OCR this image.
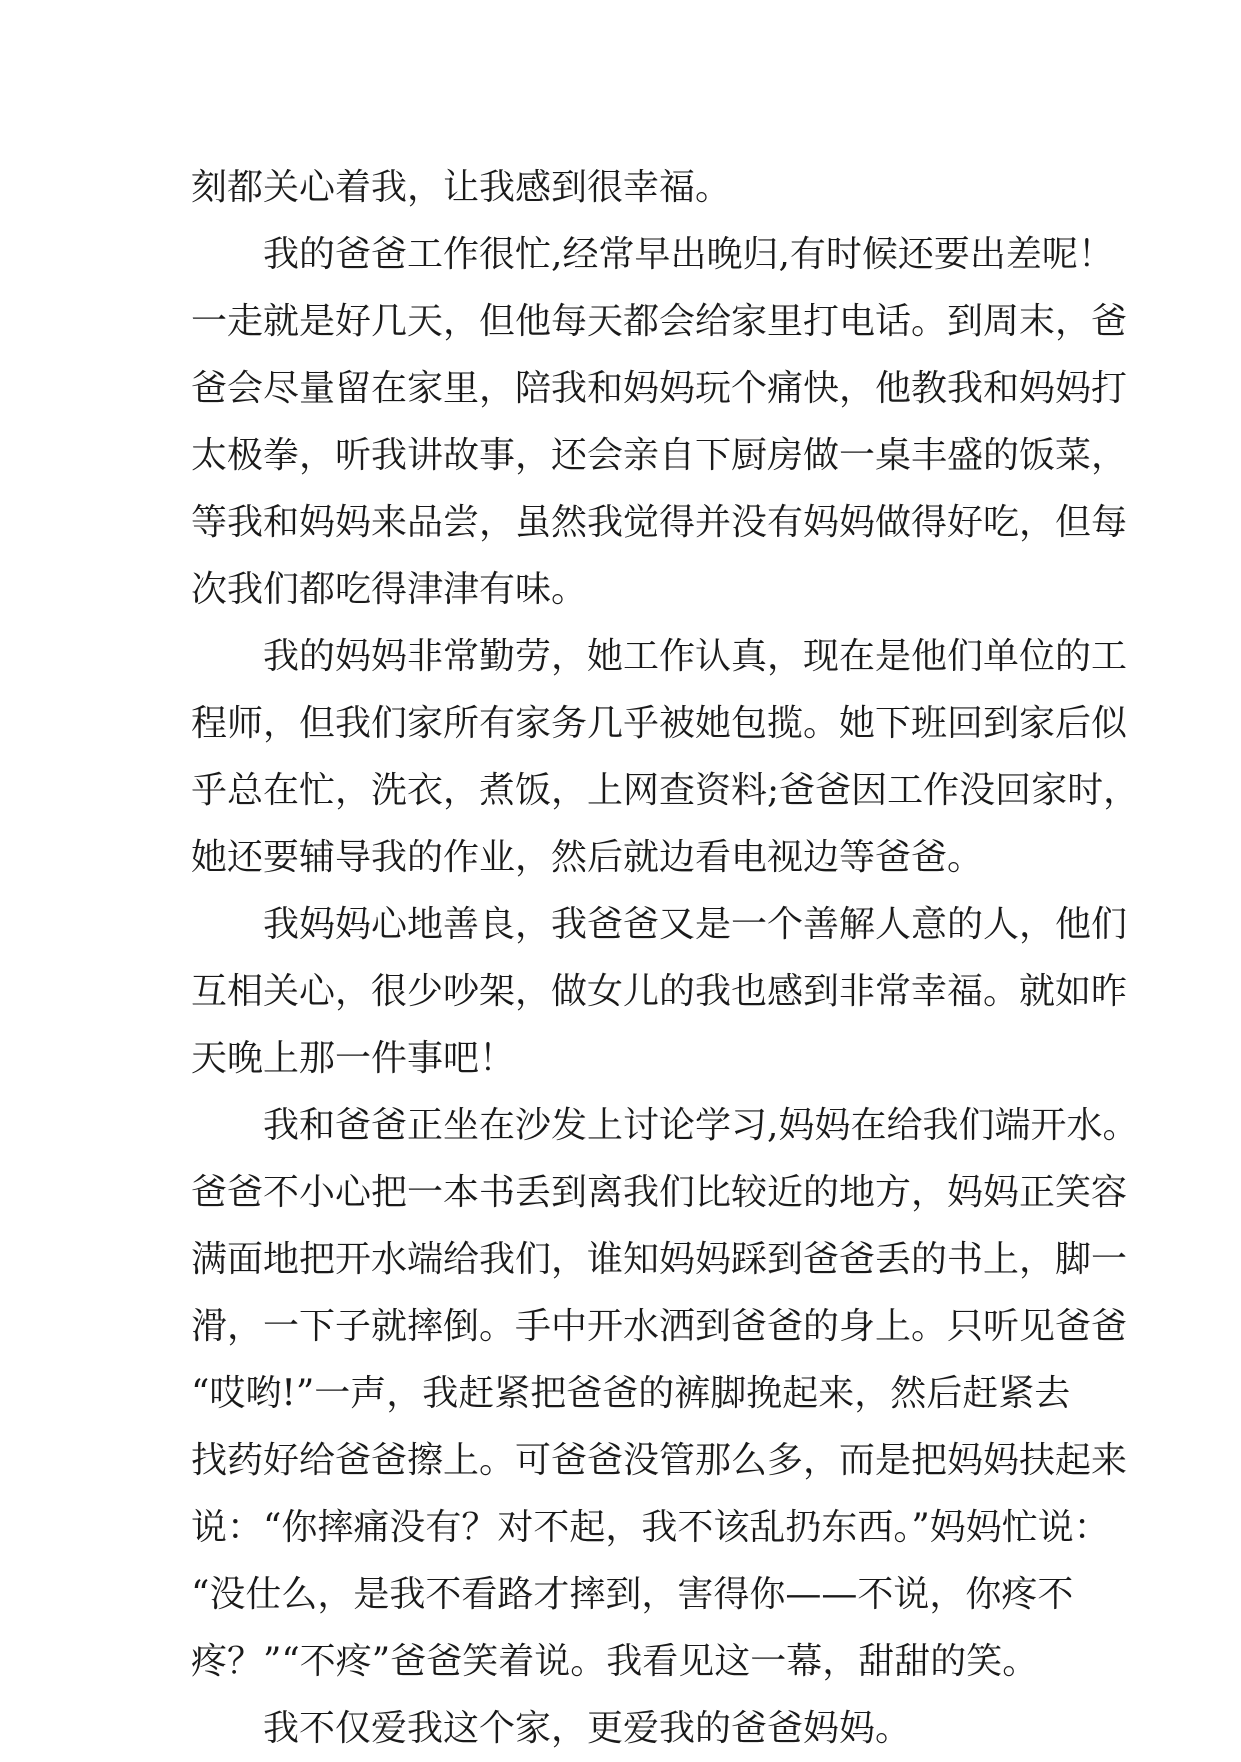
刻都关心着我，让我感到很幸福。
我的爸爸工作很忙,经常早出晚归,有时候还要出差呢！
一走就是好几天，但他每天都会给家里打电话。到周末，爸
爸会尽量留在家里，陪我和妈妈玩个痛快，他教我和妈妈打
太极拳，听我讲故事，还会亲自下厨房做一桌丰盛的饭菜，
等我和妈妈来品尝，虽然我觉得并没有妈妈做得好吃，但每
次我们都吃得津津有味。
我的妈妈非常勤劳，她工作认真，现在是他们单位的工
程师，但我们家所有家务几乎被她包揽。她下班回到家后似
乎总在忙，洗衣，煮饭，上网查资料;爸爸因工作没回家时，
她还要辅导我的作业，然后就边看电视边等爸爸。
我妈妈心地善良，我爸爸又是一个善解人意的人，他们
互相关心，很少吵架，做女儿的我也感到非常幸福。就如昨
天晚上那一件事吧！
我和爸爸正坐在沙发上讨论学习,妈妈在给我们端开水。
爸爸不小心把一本书丢到离我们比较近的地方，妈妈正笑容
满面地把开水端给我们，谁知妈妈踩到爸爸丢的书上，脚一
滑，一下子就摔倒。手中开水洒到爸爸的身上。只听见爸爸
“哎哟!”一声，我赶紧把爸爸的裤脚挽起来，然后赶紧去
找药好给爸爸擦上。可爸爸没管那么多，而是把妈妈扶起来
说：“你摔痛没有？对不起，我不该乱扔东西。”妈妈忙说：
“没仕么，是我不看路才摔到，害得你——不说，你疼不
疼？”“不疼”爸爸笑着说。我看见这一幕，甜甜的笑。
我不仅爱我这个家，更爱我的爸爸妈妈。
